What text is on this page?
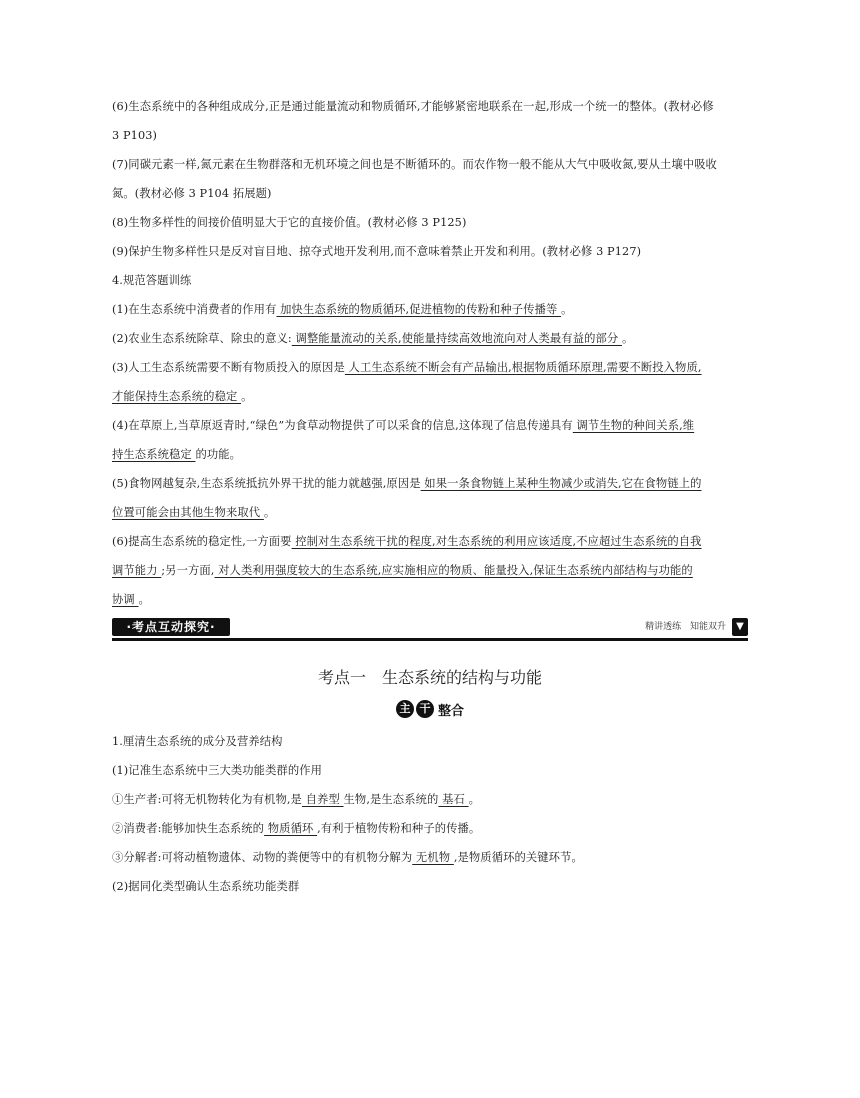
(6)生态系统中的各种组成成分,正是通过能量流动和物质循环,才能够紧密地联系在一起,形成一个统一的整体。(教材必修

3 P103)

(7)同碳元素一样,氮元素在生物群落和无机环境之间也是不断循环的。而农作物一般不能从大气中吸收氮,要从土壤中吸收

氮。(教材必修 3 P104 拓展题)

(8)生物多样性的间接价值明显大于它的直接价值。(教材必修 3 P125)

(9)保护生物多样性只是反对盲目地、掠夺式地开发利用,而不意味着禁止开发和利用。(教材必修 3 P127)

4.规范答题训练

(1)在生态系统中消费者的作用有 加快生态系统的物质循环,促进植物的传粉和种子传播等 。

(2)农业生态系统除草、除虫的意义: 调整能量流动的关系,使能量持续高效地流向对人类最有益的部分 。

(3)人工生态系统需要不断有物质投入的原因是 人工生态系统不断会有产品输出,根据物质循环原理,需要不断投入物质,

才能保持生态系统的稳定 。

(4)在草原上,当草原返青时,“绿色”为食草动物提供了可以采食的信息,这体现了信息传递具有 调节生物的种间关系,维

持生态系统稳定 的功能。

(5)食物网越复杂,生态系统抵抗外界干扰的能力就越强,原因是 如果一条食物链上某种生物减少或消失,它在食物链上的

位置可能会由其他生物来取代 。

(6)提高生态系统的稳定性,一方面要 控制对生态系统干扰的程度,对生态系统的利用应该适度,不应超过生态系统的自我

调节能力 ;另一方面, 对人类利用强度较大的生态系统,应实施相应的物质、能量投入,保证生态系统内部结构与功能的

协调 。

·考点互动探究·	精讲透练 知能双升	▼
考点一　生态系统的结构与功能
主 干 整合

1.厘清生态系统的成分及营养结构

(1)记准生态系统中三大类功能类群的作用

①生产者:可将无机物转化为有机物,是 自养型 生物,是生态系统的 基石 。

②消费者:能够加快生态系统的 物质循环 ,有利于植物传粉和种子的传播。

③分解者:可将动植物遗体、动物的粪便等中的有机物分解为 无机物 ,是物质循环的关键环节。

(2)据同化类型确认生态系统功能类群
